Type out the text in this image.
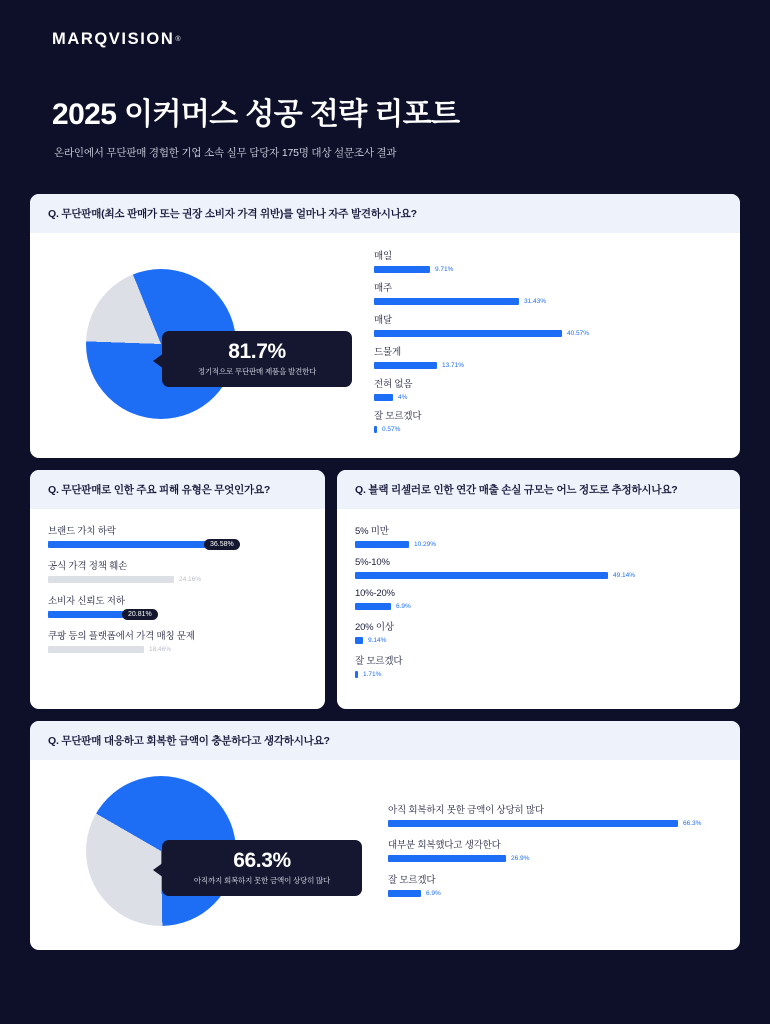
MARQVISION ®
2025 이커머스 성공 전략 리포트
온라인에서 무단판매 경험한 기업 소속 실무 담당자 175명 대상 설문조사 결과
Q. 무단판매(최소 판매가 또는 권장 소비자 가격 위반)를 얼마나 자주 발견하시나요?
81.7%
정기적으로 무단판매 제품을 발견한다
매일
9.71%
매주
31.43%
매달
40.57%
드물게
13.71%
전혀 없음
4%
잘 모르겠다
0.57%
Q. 무단판매로 인한 주요 피해 유형은 무엇인가요?
브랜드 가치 하락
36.58%
공식 가격 정책 훼손
24.16%
소비자 신뢰도 저하
20.81%
쿠팡 등의 플랫폼에서 가격 매칭 문제
18.46%
Q. 블랙 리셀러로 인한 연간 매출 손실 규모는 어느 정도로 추정하시나요?
5% 미만
10.29%
5%-10%
49.14%
10%-20%
6.9%
20% 이상
9.14%
잘 모르겠다
1.71%
Q. 무단판매 대응하고 회복한 금액이 충분하다고 생각하시나요?
66.3%
아직까지 회복하지 못한 금액이 상당히 많다
아직 회복하지 못한 금액이 상당히 많다
66.3%
대부분 회복했다고 생각한다
26.9%
잘 모르겠다
6.9%
